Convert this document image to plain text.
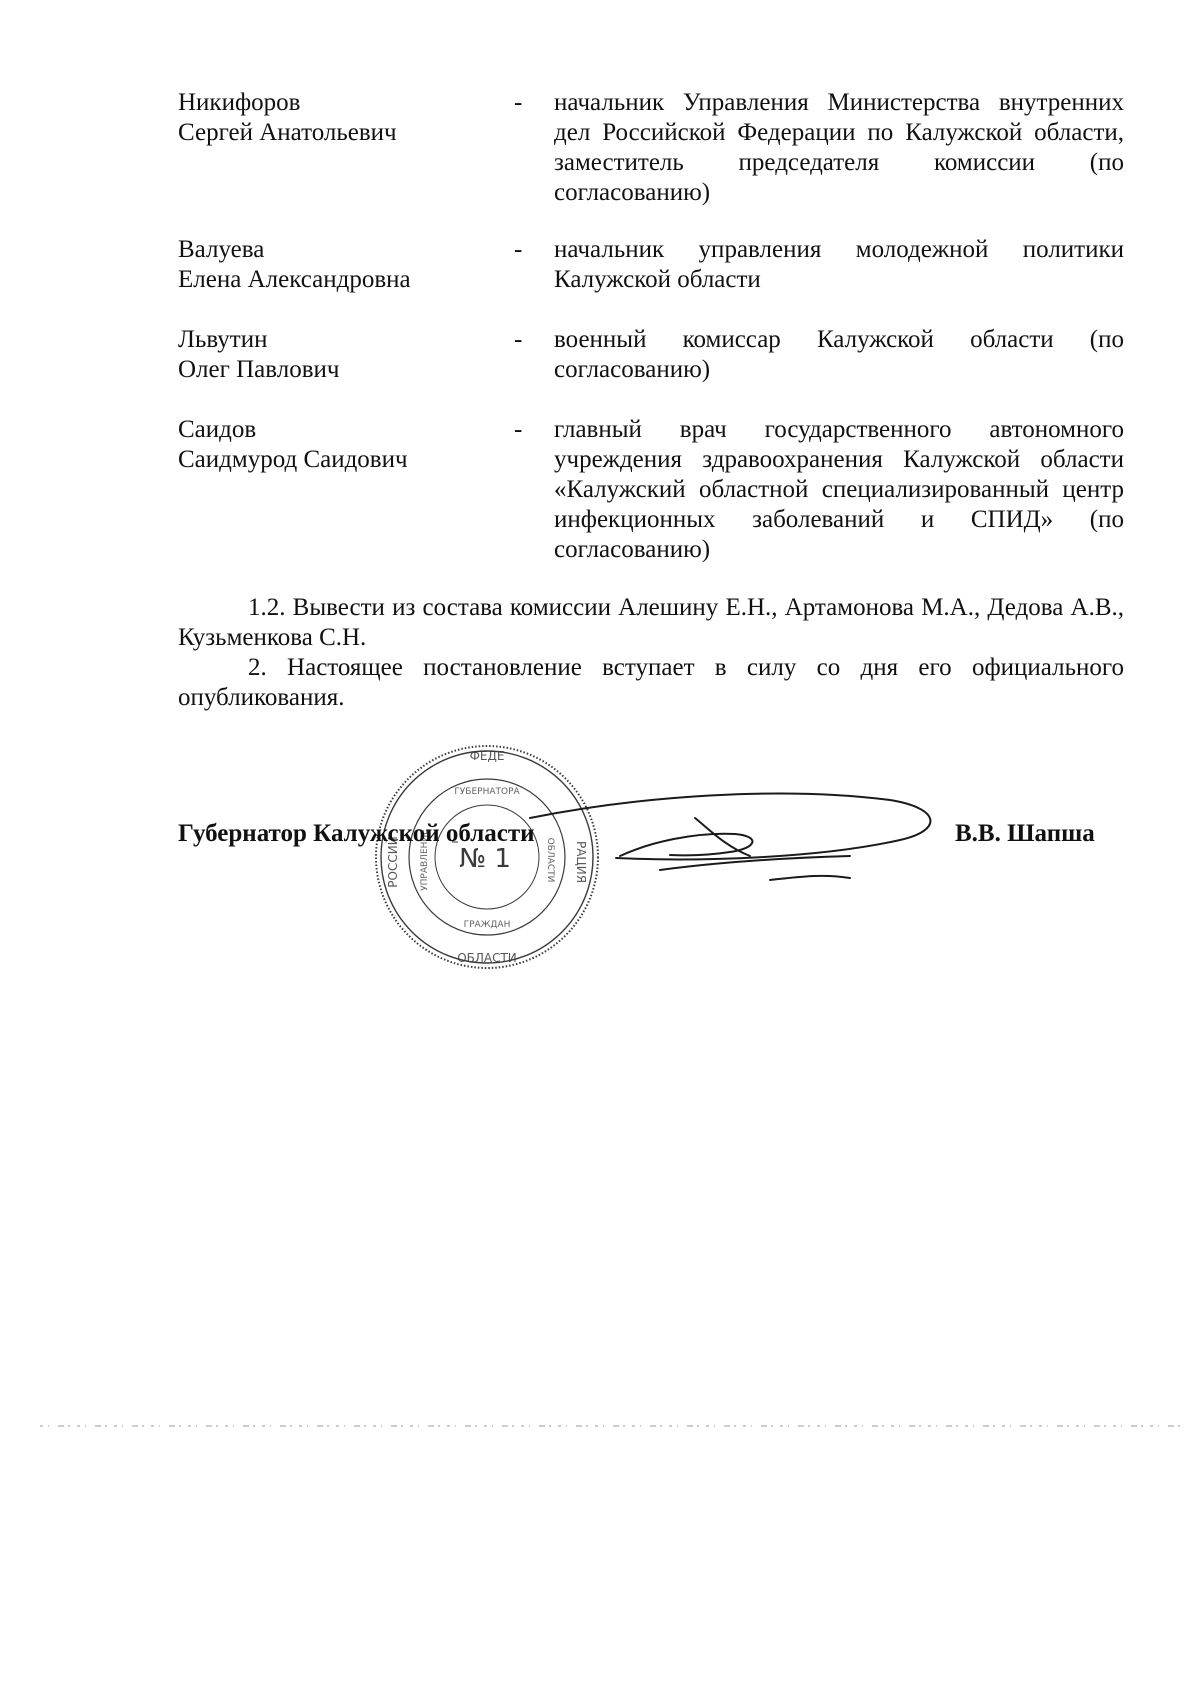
Никифоров
Сергей Анатольевич
- начальник Управления Министерства внутренних дел Российской Федерации по Калужской области, заместитель председателя комиссии (по согласованию)
Валуева
Елена Александровна
- начальник управления молодежной политики Калужской области
Львутин
Олег Павлович
- военный комиссар Калужской области (по согласованию)
Саидов
Саидмурод Саидович
- главный врач государственного автономного учреждения здравоохранения Калужской области «Калужский областной специализированный центр инфекционных заболеваний и СПИД» (по согласованию)

1.2. Вывести из состава комиссии Алешину Е.Н., Артамонова М.А., Дедова А.В., Кузьменкова С.Н.

2. Настоящее постановление вступает в силу со дня его официального опубликования.

ФЕДЕ
ОБЛАСТИ
РАЦИЯ
РОССИЙ
ГУБЕРНАТОРА
ГРАЖДАН
УПРАВЛЕНИЕ	ОБЛАСТИ
№ 1
Губернатор Калужской области	В.В. Шапша
